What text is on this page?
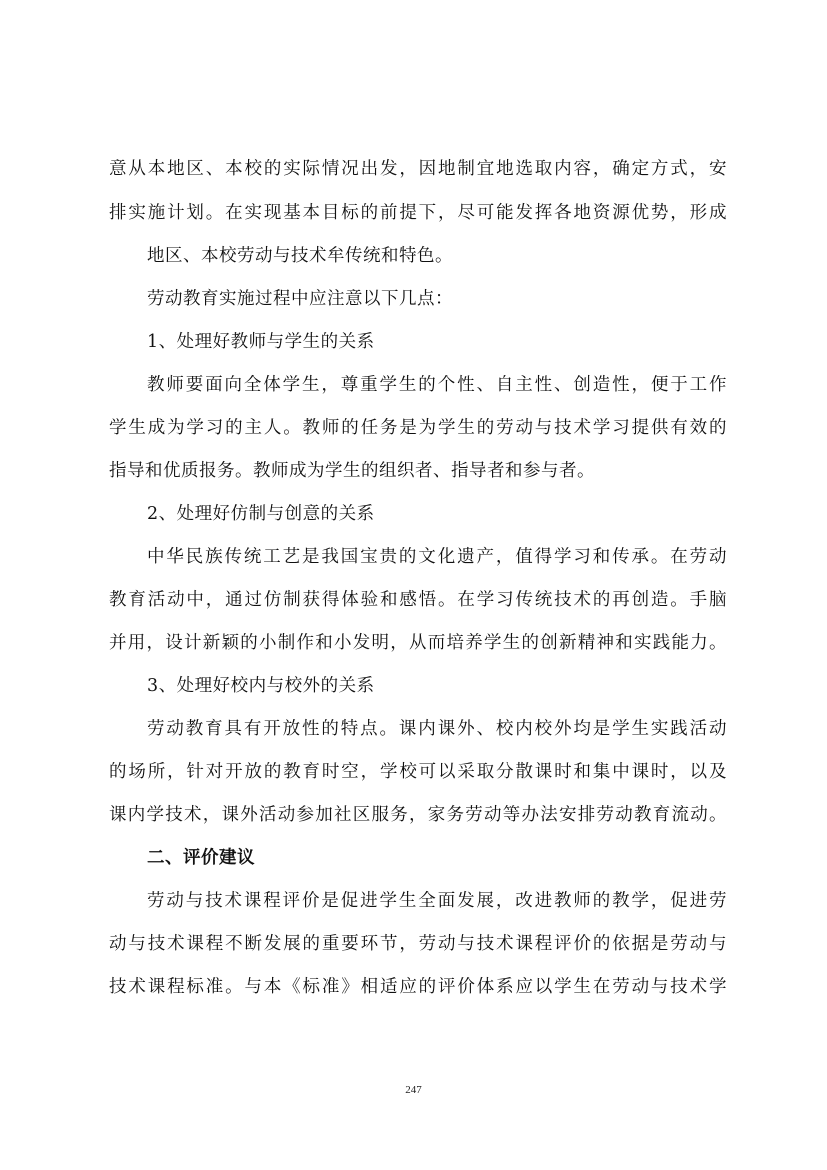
意从本地区、本校的实际情况出发，因地制宜地选取内容，确定方式，安
排实施计划。在实现基本目标的前提下，尽可能发挥各地资源优势，形成
地区、本校劳动与技术牟传统和特色。
劳动教育实施过程中应注意以下几点：
1、处理好教师与学生的关系
教师要面向全体学生，尊重学生的个性、自主性、创造性，便于工作
学生成为学习的主人。教师的任务是为学生的劳动与技术学习提供有效的
指导和优质报务。教师成为学生的组织者、指导者和参与者。
2、处理好仿制与创意的关系
中华民族传统工艺是我国宝贵的文化遗产，值得学习和传承。在劳动
教育活动中，通过仿制获得体验和感悟。在学习传统技术的再创造。手脑
并用，设计新颖的小制作和小发明，从而培养学生的创新精神和实践能力。
3、处理好校内与校外的关系
劳动教育具有开放性的特点。课内课外、校内校外均是学生实践活动
的场所，针对开放的教育时空，学校可以采取分散课时和集中课时，以及
课内学技术，课外活动参加社区服务，家务劳动等办法安排劳动教育流动。
二、评价建议
劳动与技术课程评价是促进学生全面发展，改进教师的教学，促进劳
动与技术课程不断发展的重要环节，劳动与技术课程评价的依据是劳动与
技术课程标准。与本《标准》相适应的评价体系应以学生在劳动与技术学
247
